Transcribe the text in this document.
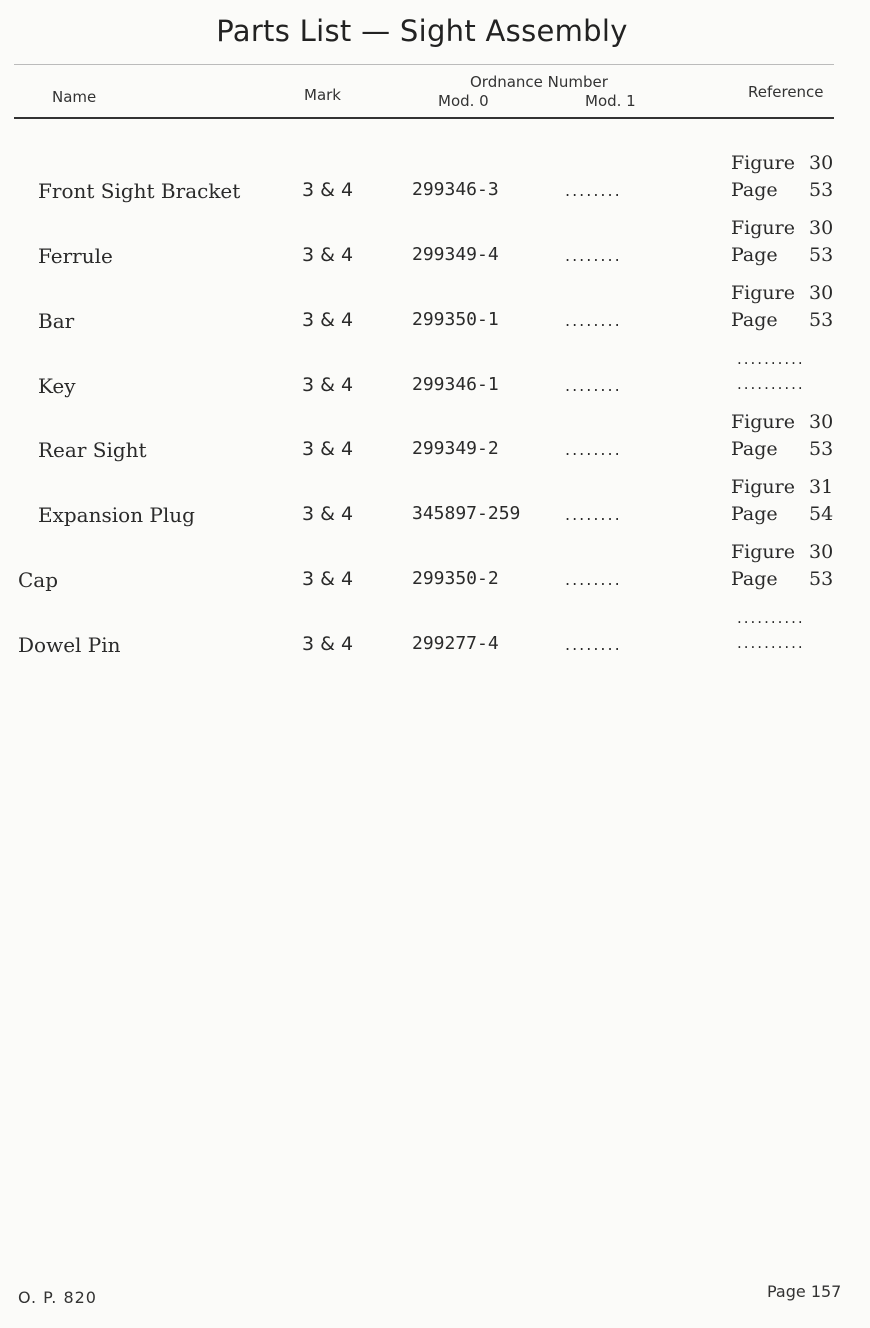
Parts List — Sight Assembly
Name	Mark
Ordnance Number
Mod. 0	Mod. 1	Reference
Front Sight Bracket	3 & 4	299346-3	........
Figure 30
Page 53
Ferrule	3 & 4	299349-4	........
Figure 30
Page 53
Bar	3 & 4	299350-1	........
Figure 30
Page 53
Key	3 & 4	299346-1	........
..........
..........
Rear Sight	3 & 4	299349-2	........
Figure 30
Page 53
Expansion Plug	3 & 4	345897-259	........
Figure 31
Page 54
Cap	3 & 4	299350-2	........
Figure 30
Page 53
Dowel Pin	3 & 4	299277-4	........
..........
..........
O. P. 820	Page 157
